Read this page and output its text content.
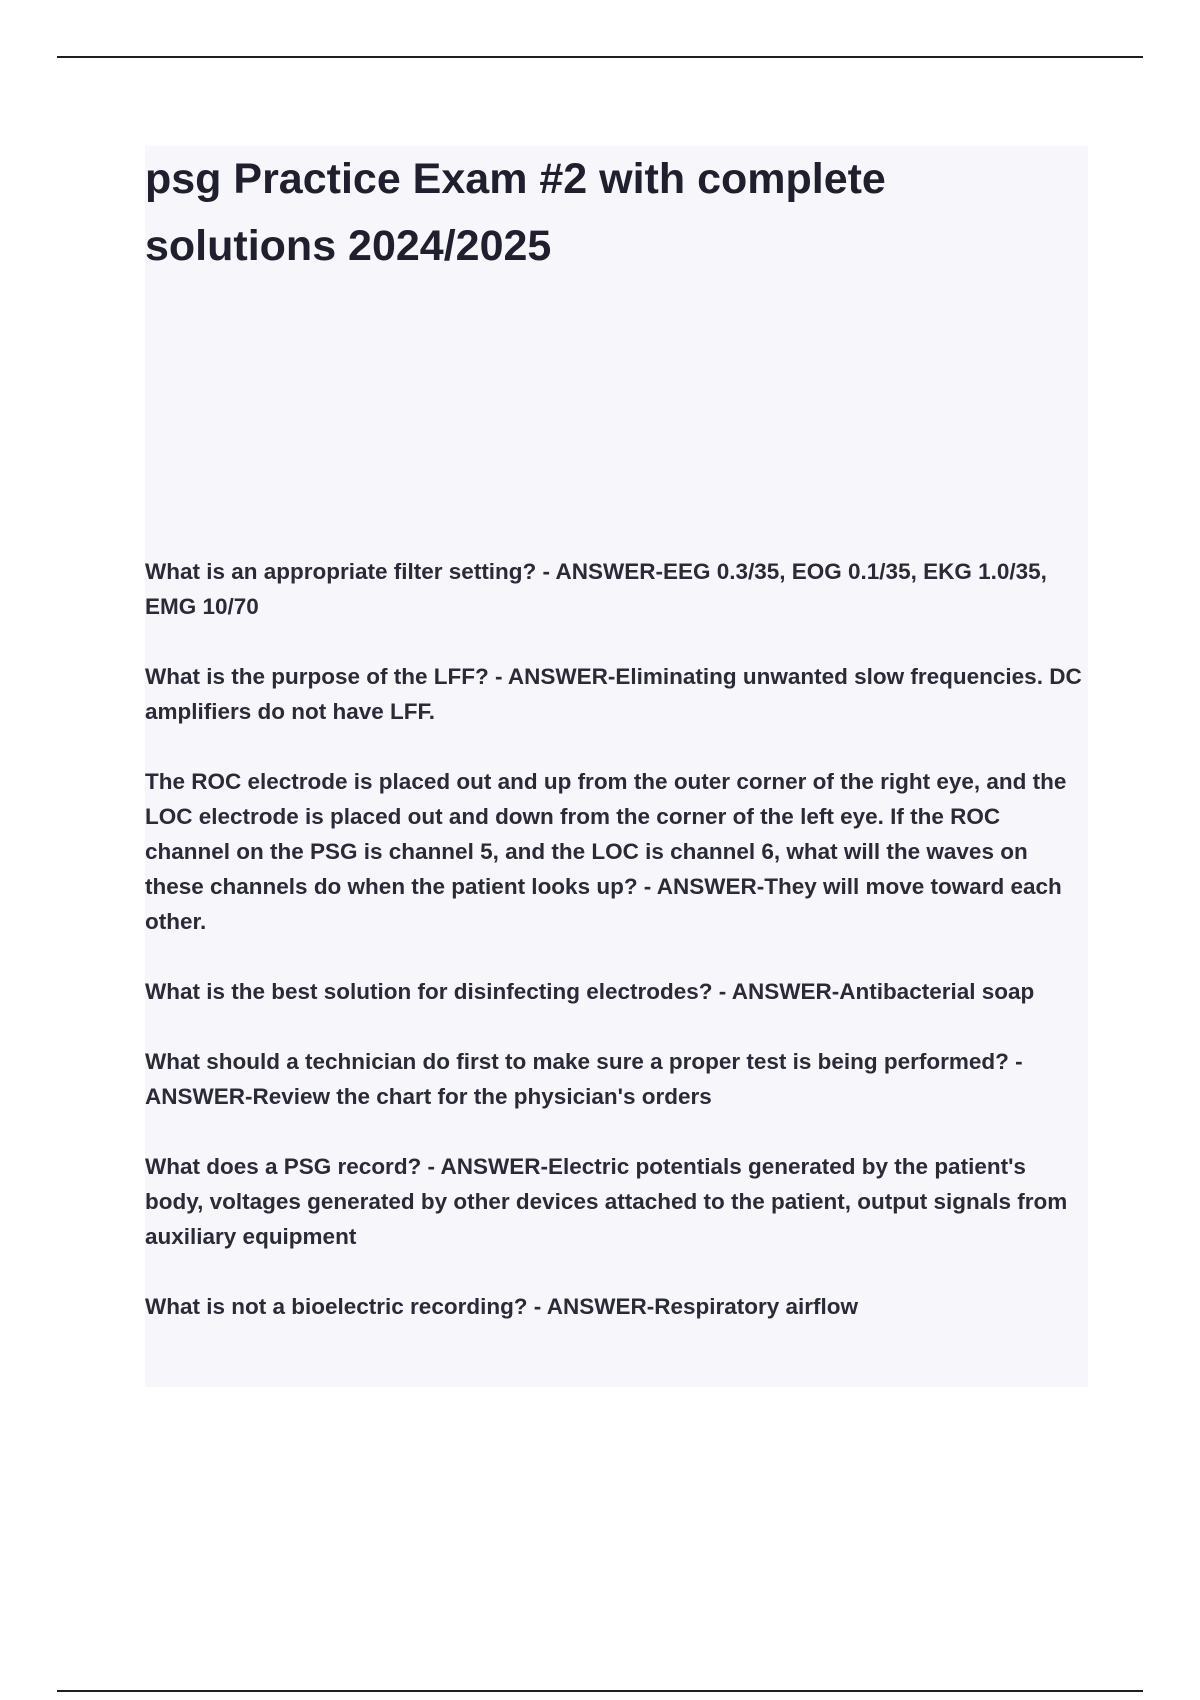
psg Practice Exam #2 with complete solutions 2024/2025

What is an appropriate filter setting? - ANSWER-EEG 0.3/35, EOG 0.1/35, EKG 1.0/35, EMG 10/70

What is the purpose of the LFF? - ANSWER-Eliminating unwanted slow frequencies. DC amplifiers do not have LFF.

The ROC electrode is placed out and up from the outer corner of the right eye, and the LOC electrode is placed out and down from the corner of the left eye. If the ROC channel on the PSG is channel 5, and the LOC is channel 6, what will the waves on these channels do when the patient looks up? - ANSWER-They will move toward each other.

What is the best solution for disinfecting electrodes? - ANSWER-Antibacterial soap

What should a technician do first to make sure a proper test is being performed? - ANSWER-Review the chart for the physician's orders

What does a PSG record? - ANSWER-Electric potentials generated by the patient's body, voltages generated by other devices attached to the patient, output signals from auxiliary equipment

What is not a bioelectric recording? - ANSWER-Respiratory airflow
